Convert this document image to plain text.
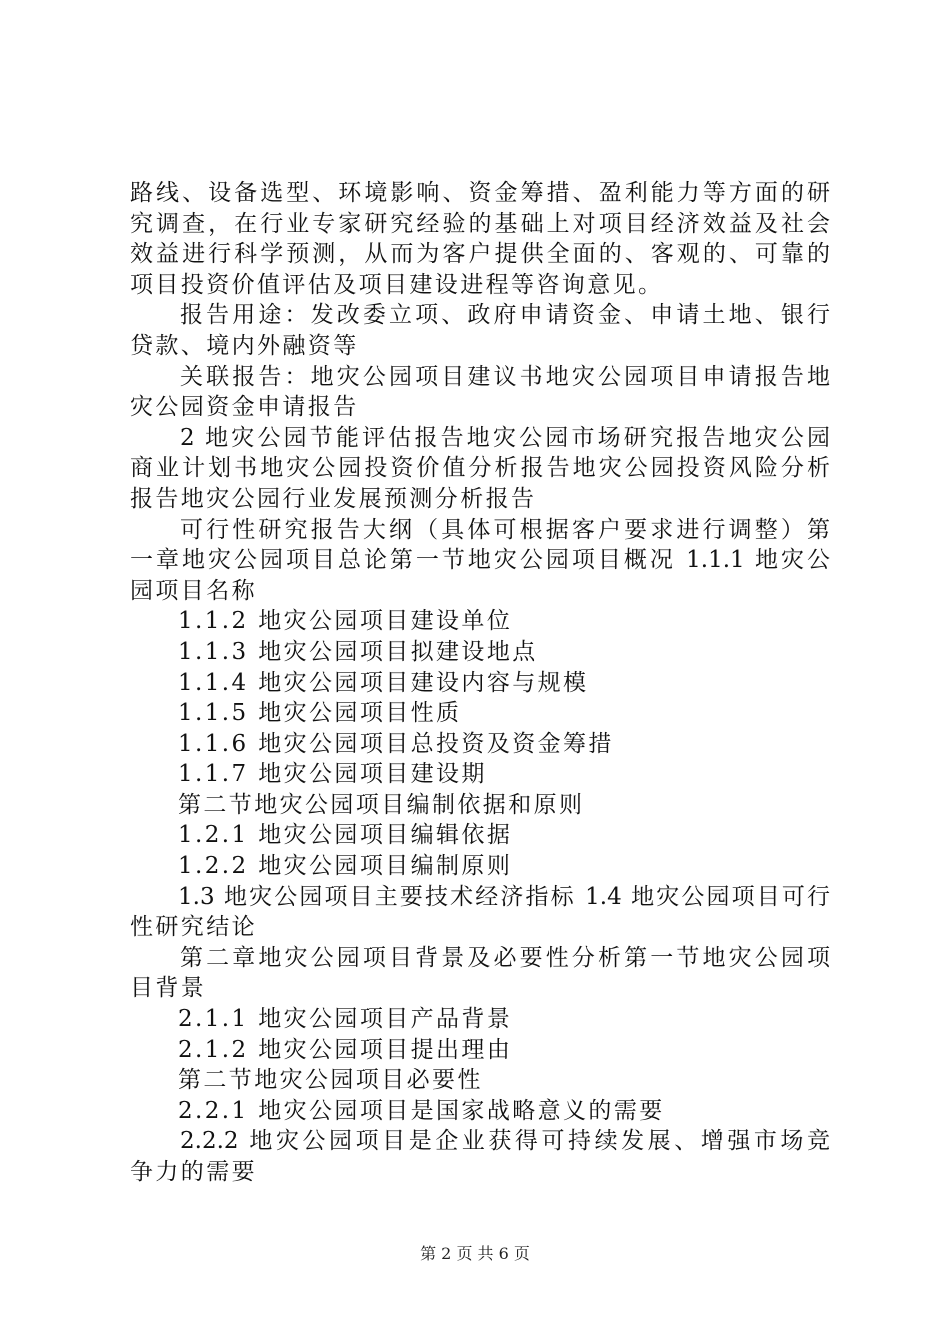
路线、设备选型、环境影响、资金筹措、盈利能力等方面的研
究调查，在行业专家研究经验的基础上对项目经济效益及社会
效益进行科学预测，从而为客户提供全面的、客观的、可靠的
项目投资价值评估及项目建设进程等咨询意见。
报告用途：发改委立项、政府申请资金、申请土地、银行
贷款、境内外融资等
关联报告：地灾公园项目建议书地灾公园项目申请报告地
灾公园资金申请报告
2 地灾公园节能评估报告地灾公园市场研究报告地灾公园
商业计划书地灾公园投资价值分析报告地灾公园投资风险分析
报告地灾公园行业发展预测分析报告
可行性研究报告大纲（具体可根据客户要求进行调整）第
一章地灾公园项目总论第一节地灾公园项目概况 1.1.1 地灾公
园项目名称
1.1.2 地灾公园项目建设单位
1.1.3 地灾公园项目拟建设地点
1.1.4 地灾公园项目建设内容与规模
1.1.5 地灾公园项目性质
1.1.6 地灾公园项目总投资及资金筹措
1.1.7 地灾公园项目建设期
第二节地灾公园项目编制依据和原则
1.2.1 地灾公园项目编辑依据
1.2.2 地灾公园项目编制原则
1.3 地灾公园项目主要技术经济指标 1.4 地灾公园项目可行
性研究结论
第二章地灾公园项目背景及必要性分析第一节地灾公园项
目背景
2.1.1 地灾公园项目产品背景
2.1.2 地灾公园项目提出理由
第二节地灾公园项目必要性
2.2.1 地灾公园项目是国家战略意义的需要
2.2.2 地灾公园项目是企业获得可持续发展、增强市场竞
争力的需要
第 2 页 共 6 页
